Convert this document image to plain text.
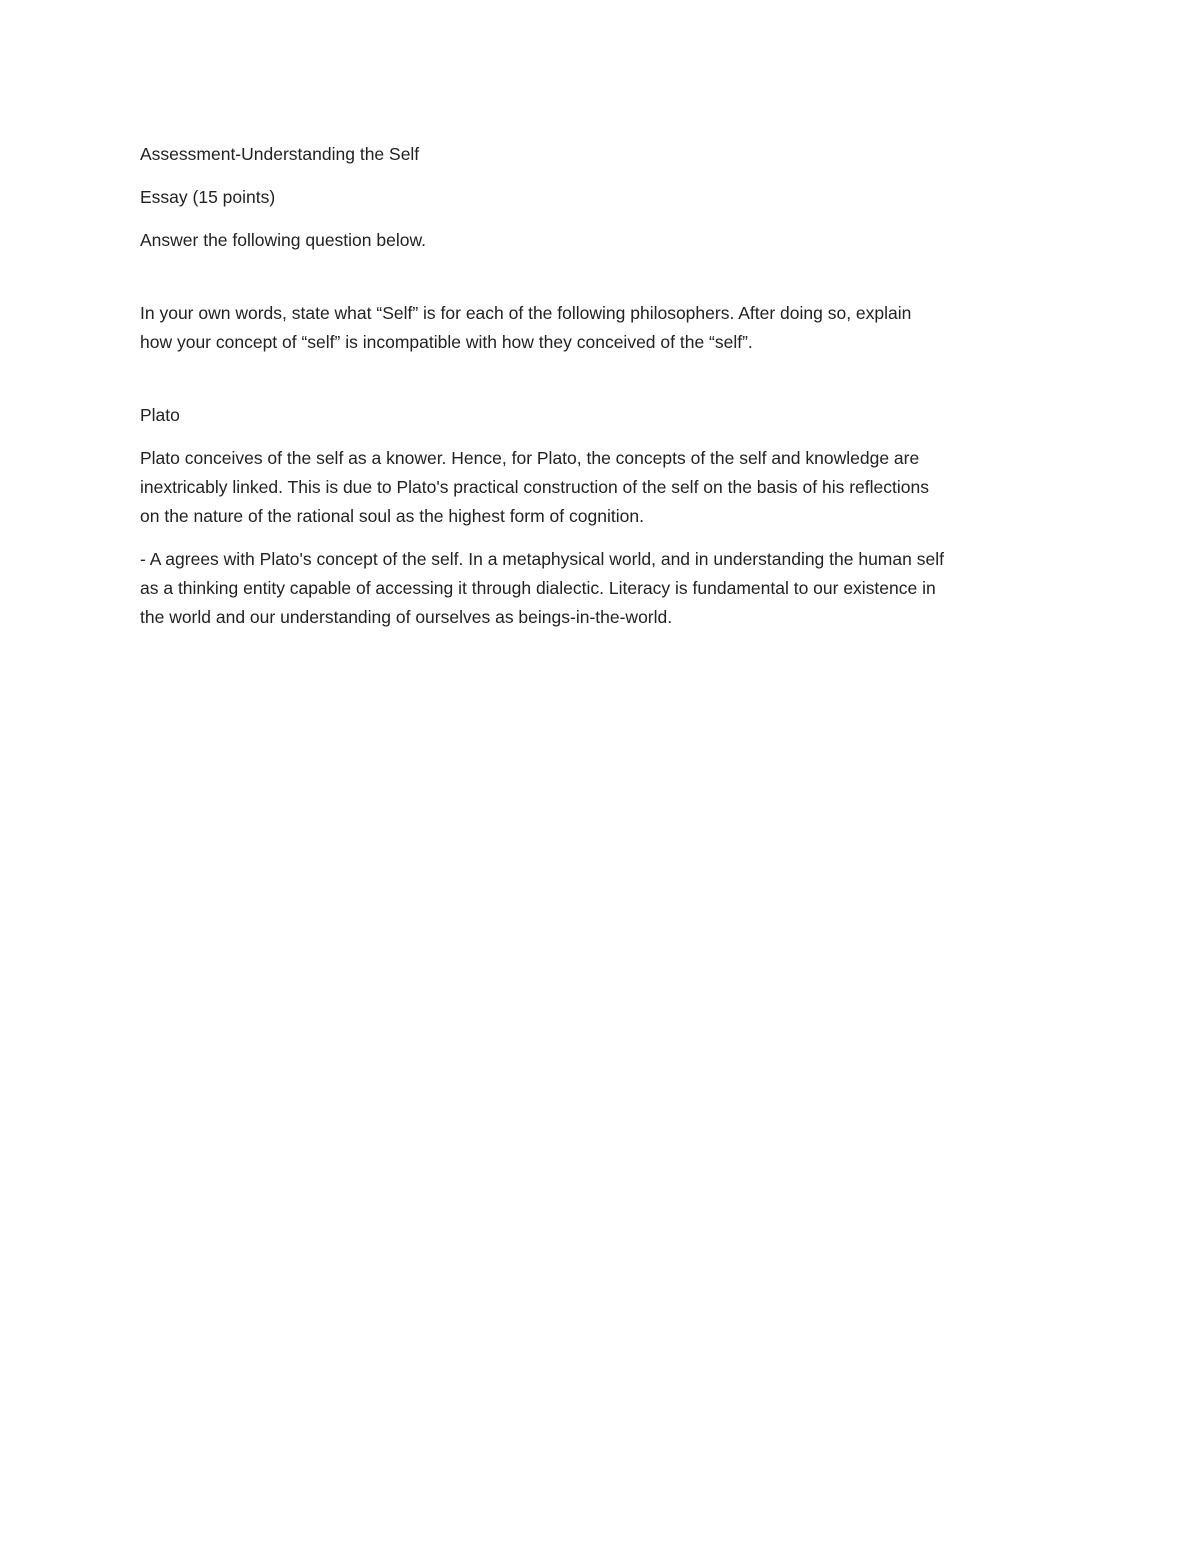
Assessment-Understanding the Self

Essay (15 points)

Answer the following question below.

In your own words, state what “Self” is for each of the following philosophers. After doing so, explain

how your concept of “self” is incompatible with how they conceived of the “self”.

Plato

Plato conceives of the self as a knower. Hence, for Plato, the concepts of the self and knowledge are

inextricably linked. This is due to Plato's practical construction of the self on the basis of his reflections

on the nature of the rational soul as the highest form of cognition.

- A agrees with Plato's concept of the self. In a metaphysical world, and in understanding the human self

as a thinking entity capable of accessing it through dialectic. Literacy is fundamental to our existence in

the world and our understanding of ourselves as beings-in-the-world.
